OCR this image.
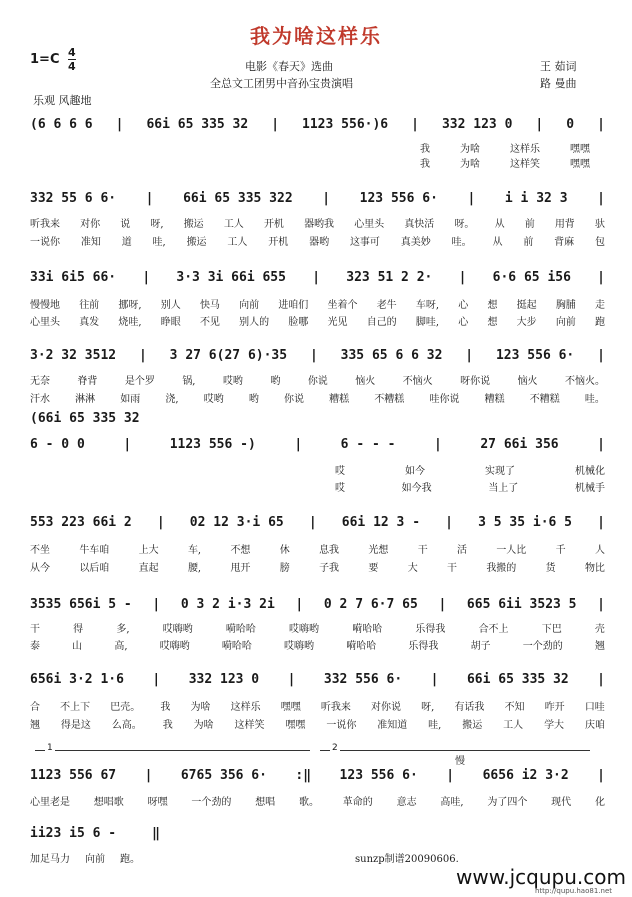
我为啥这样乐
1=C 4
4	电影《春天》选曲
全总文工团男中音孙宝贵演唱
王 茹词
路 曼曲
乐观 风趣地
(6 6 6 6 | 66i 65 335 32 | 1123 556·)6 | 332 123 0 | 0 |
我	为啥	这样乐	嘿嘿
我	为啥	这样笑	嘿嘿
332 55 6 6· | 66i 65 335 322 | 123 556 6· | i i 32 3 |
听我来 对你 说 呀, 搬运 工人 开机 器哟我 心里头 真快活 呀。 从 前 用背 驮
一说你 准知 道 哇, 搬运 工人 开机 器哟 这事可 真美妙 哇。 从 前 背麻 包
33i 6i5 66· | 3·3 3i 66i 655 | 323 51 2 2· | 6·6 65 i56 |
慢慢地 往前 挪呀, 别人 快马 向前 进咱们 坐着个 老牛 车呀, 心 想 挺起 胸脯 走
心里头 真发 烧哇, 睁眼 不见 别人的 脸哪 光见 自己的 脚哇, 心 想 大步 向前 跑
3·2 32 3512 | 3 27 6(27 6)·35 | 335 65 6 6 32 | 123 556 6· |
无奈	脊背	是个罗	锅,	哎哟	哟	你说	恼火	不恼火	呀你说	恼火	不恼火。
汗水	淋淋	如雨	浇,	哎哟	哟	你说	糟糕	不糟糕	哇你说	糟糕	不糟糕	哇。
(66i 65 335 32
6 - 0 0	|	1123 556 -)	|	6 - - -	|	27 66i 356	|
哎	如今	实现了	机械化
哎	如今我	当上了	机械手
553 223 66i 2 | 02 12 3·i 65 | 66i 12 3 - | 3 5 35 i·6 5 |
不坐	牛车咱	上大	车,	不想	休	息我	光想	干	活	一人比	千	人
从今	以后咱	直起	腰,	甩开	膀	子我	要	大	干	我搬的	货	物比
3535 656i 5 - | 0 3 2 i·3 2i | 0 2 7 6·7 65 | 665 6ii 3523 5 |
干	得	多,	哎嗨哟	嗬哈哈	哎嗨哟	嗬哈哈	乐得我	合不上	下巴	壳
泰	山	高,	哎嗨哟	嗬哈哈	哎嗨哟	嗬哈哈	乐得我	胡子	一个劲的	翘
656i 3·2 1·6 | 332 123 0 | 332 556 6· | 66i 65 335 32 |
合 不上下 巴壳。 我 为啥 这样乐 嘿嘿 听我来 对你说 呀, 有话我 不知 咋开 口哇
翘 得是这 么高。 我 为啥 这样笑 嘿嘿 一说你 准知道 哇, 搬运 工人 学大 庆咱
1	2
慢
1123 556 67 | 6765 356 6· :‖ 123 556 6· | 6656 i2 3·2 |
心里老是 想唱歌 呀嘿 一个劲的 想唱 歌。 革命的 意志 高哇, 为了四个 现代 化
ii23 i5 6 -	‖
加足马力 向前 跑。	sunzp制谱20090606.
www.jcqupu.com
http://qupu.hao81.net
